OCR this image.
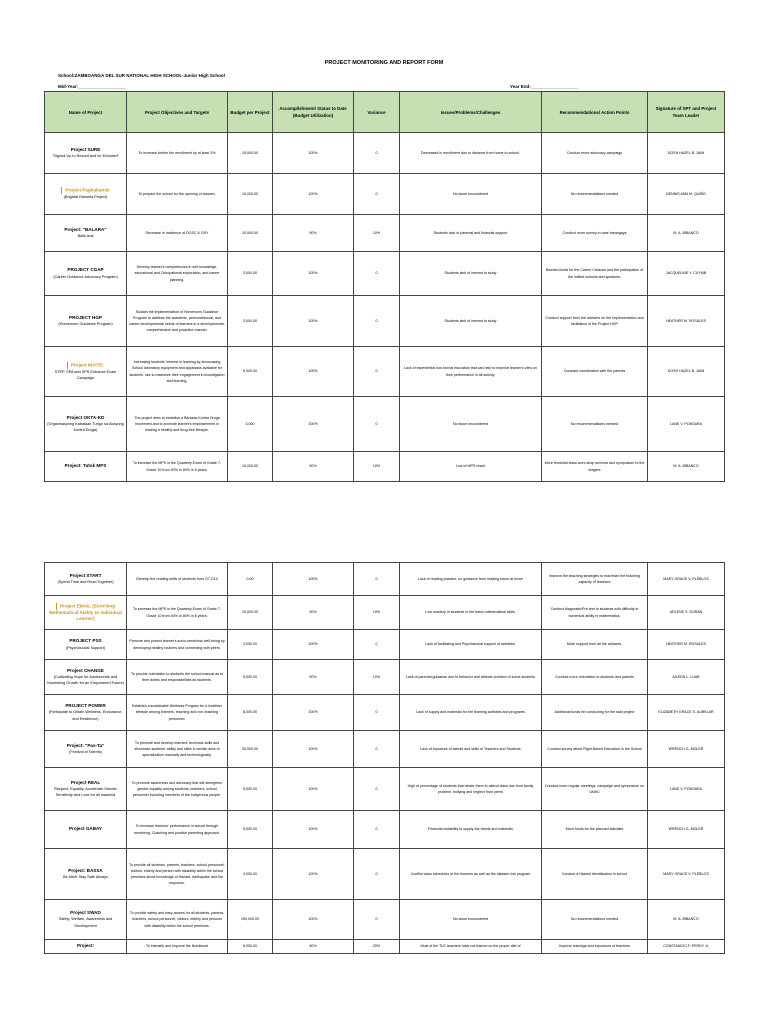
PROJECT MONITORING AND REPORT FORM
School:ZAMBOANGA DEL SUR NATIONAL HIGH SCHOOL-Junior High School
Mid-Year:___________________	Year End:___________________
Name of Project	Project Objectives and Targets	Budget per Project	Accomplishment/ Status to Date (Budget Utilization)	Variance	Issues/Problems/Challenges	Recommendations/ Action Points	Signature of SPT and Project Team Leader
Project SURE
"Signed-Up to Record and be Encoded"	To increase further the enrollment by at least 3%	15,000.00	100%	0	Decreased in enrollment due to distance from home to school.	Conduct more advocacy campaign	DOSH HAZEL B. JAIM
Project Paghahanda
(Brigada Eskwela Project)	To prepare the school for the opening of classes.	15,000.00	100%	0	No issue encountered	No recommendations needed	DENNIS ANN M. QUIÑO
Project: "BALARA"
Balik Aral	Decrease in Incidence of DOSC & OSY	10,000.00	90%	10%	Students lack of parental and financial support	Conduct more survey in near barangays	M. A. IBBANCO
PROJECT CGAP
(Career Guidance Advocacy Program)	Develop learner's competencies in self-knowledge, educational and Occupational exploration, and career planning.	3,000.00	100%	0	Students lack of interest to study	Needed funds for the Career Caravan and the participation of the invited schools and speakers.	JACQUELINE Y. CUYMB
PROJECT HGP
(Homeroom Guidance Program)	Sustain the implementation of Homeroom Guidance Program to address the academic, personal/social, and career developmental needs of learners in a developmental, comprehensive and proactive manner.	3,000.00	100%	0	Students lack of interest to study	Conduct support from the advisers on the implementation and facilitation of the Project HGP	HEATHER M. ROSALES
Project INVITE:
STEP, SPA and SPS Entrance Exam Campaign	Increasing students' interest in learning by showcasing School laboratory equipment and apparatus available for students' use to maximize their engagement in investigation and learning.	5,000.00	100%	0	Lack of experiential non-formal education that can help to improve learner's view on their performance in all activity.	Constant coordination with the parents	DOSH HAZEL B. JAIM
Project OKTA-KD
(Organisasyong Kabataan Tungo sa Akayong Kontra Droga)	The project aims to establish a Barkada Kontra Droga movement and to promote learner's empowerment in leading a healthy and drug-free lifestyle.	3,000	100%	0	No issue encountered	No recommendations needed	LANE V. PONSARA
Project: Tutok MPS	To increase the MPS in the Quarterly Exam of Grade 7-Grade 10 from 40% to 80% in 6 years.	15,000.00	90%	10%	Low of MPS result	More remedial class work-shop seminar and symposium to the teagers	M. A. IBBANCO
Project START
(Spend Time and Read Together)	Develop the reading skills of students from G7-G10	0.00	100%	0	Lack of reading practice, no guidance from reading tutors at home	Improve the teaching strategies to maximize the teaching capacity of teachers	MARY GRACE V. PLEBLOS
Project EMAIL (Enriching Mathematical Ability to Individual Learner)	To increase the MPS in the Quarterly Exam of Grade 7-Grade 10 from 40% to 80% in 6 years.	15,000.00	90%	10%	Low mastery of students in the basic mathematical skills.	Conduct diagnostic/Pre-test to students with difficulty in numerical ability in mathematics.	ARLENE S. DURAN
PROJECT PSS
(Psychosocial Support)	Promote and protect learner's socio-emotional well-being by developing healthy routines and connecting with peers.	3,000.00	100%	0	Lack of facilitating and Psychosocial support of activities.	More support from all the advisers.	HEATHER M. ROSALES
Project CHANGE
(Cultivating Hope for Adolescents and Nourishing Growth for an Empowered Future)	To provide orientation to students the school manual as to their duties and responsibilities as students.	5,000.00	90%	10%	Lack of parental guidance due to behavior and attitude problem of some students	Conduct more orientation to students and parents	AILEEN L. LUAB
PROJECT POWER
(Participate to Obtain Wellness, Endurance, and Resilience)	Establish a sustainable Wellness Program for a healthier lifestyle among learners, teaching and non-teaching personnel.	8,000.00	100%	0	Lack of supply and materials for the learning activities and programs	Additional funds for conducting for the said project	ELIZABETH GRACE S. AUBELAR
Project: "Pas-Ta"
(Festival of Talents)	To promote and develop learners' technical skills and showcase students' ability and skills in certain area of specialization manually and technologically.	30,000.00	100%	0	Lack of exposure of talents and skills of Teachers and Students	Conduct survey about Right-Based Education in the School	WRENCH G. MOLER
Project REAL
Respect, Equality, Accelerate Gender Sensitivity and Love for all mankind	To promote awareness and advocacy that will strengthen gender equality among students, teachers, school personnel including members of the indigenous people.	5,000.00	100%	0	High of percentage of students that hinder them to attend class due from family problem, bullying and neglect from peers	Conduct more regular meetings, campaign and symposium on VAWC	LANE V. PONSARA
Project GABAY	To increase learners' performance in school through mentoring, Coaching and positive parenting approach.	5,000.00	100%	0	Financial instability to supply the needs and materials	More funds for the planned activities	WRENCH G. MOLER
Project: BASSA
Be Alert! Stay Safe Always	To provide all students, parents, teachers, school personnel, visitors, elderly and person with disability within the school premises about knowledge of Hazard, earthquake and fire response.	4,000.00	100%	0	Conflict class schedules of the learners as well as the disaster risk program	Conduct a Hazard Identification in school	MARY GRACE V. PLEBLOS
Project SWAD
Safety, Welfare, Awareness and Development	To provide safety and easy access for all students, parents, teachers, school personnel, visitors, elderly and persons with disability within the school premises.	199,000.00	100%	0	No issue encountered	No recommendations needed	M. A. IBBANCO
Project:	To intensify and improve the Nutritional	6,000.00	80%	20%	Most of the TLE teachers have not trained on the proper diet of	Improve trainings and exposures of teachers	CONSTANCIO F. PERDY Jr.
